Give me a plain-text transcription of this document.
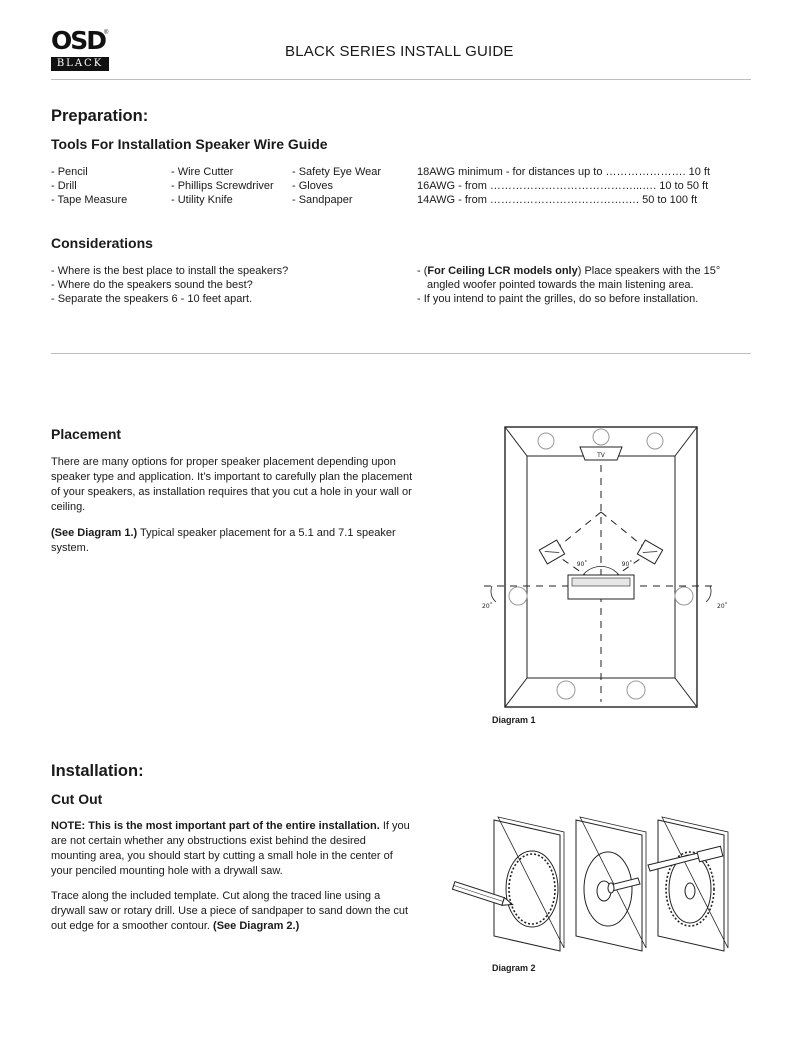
OSD
®
BLACK
BLACK SERIES INSTALL GUIDE
Preparation:
Tools For Installation Speaker Wire Guide
- Pencil
- Drill
- Tape Measure
- Wire Cutter
- Phillips Screwdriver
- Utility Knife
- Safety Eye Wear
- Gloves
- Sandpaper
18AWG minimum - for distances up to …………………. 10 ft
16AWG - from …………………………………...…. 10 to 50 ft
14AWG - from ……………………………….…. 50 to 100 ft
Considerations
- Where is the best place to install the speakers?
- Where do the speakers sound the best?
- Separate the speakers 6 - 10 feet apart.
- (For Ceiling LCR models only) Place speakers with the 15°
angled woofer pointed towards the main listening area.
- If you intend to paint the grilles, do so before installation.
Placement
There are many options for proper speaker placement depending upon speaker type and application. It’s important to carefully plan the placement of your speakers, as installation requires that you cut a hole in your wall or ceiling.
(See Diagram 1.) Typical speaker placement for a 5.1 and 7.1 speaker system.
TV
90˚	90˚
20˚	20˚
Diagram 1
Installation:
Cut Out
NOTE: This is the most important part of the entire installation. If you are not certain whether any obstructions exist behind the desired mounting area, you should start by cutting a small hole in the center of your penciled mounting hole with a drywall saw.
Trace along the included template. Cut along the traced line using a drywall saw or rotary drill. Use a piece of sandpaper to sand down the cut out edge for a smoother contour. (See Diagram 2.)
Diagram 2
